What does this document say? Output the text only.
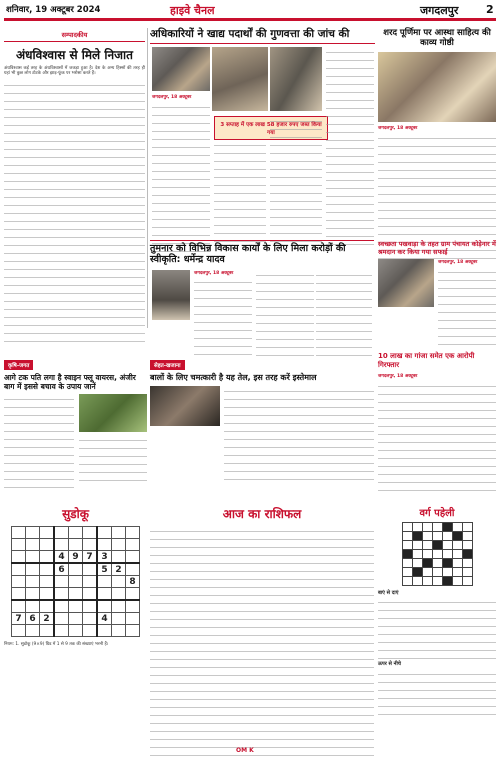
शनिवार, 19 अक्टूबर 2024	हाइवे चैनल	जगदलपुर	2
सम्पादकीय
अंधविश्वास से मिले निजात
अंधविश्वास कई तरह के अंधविश्वासों में जकड़ा हुआ है। देश के अन्य हिस्सों की तरह ही यहां भी कुछ लोग टोटके और झाड़-फूंक पर भरोसा करते हैं।
अधिकारियों ने खाद्य पदार्थों की गुणवत्ता की जांच की
जगदलपुर, 18 अक्टूबर
3 सप्ताह में एक लाख 58 हजार रुपए जब्त किया गया
शरद पूर्णिमा पर आस्था साहित्य की काव्य गोष्ठी
जगदलपुर, 18 अक्टूबर
तुमनार को विभिन्न विकास कार्यों के लिए मिला करोड़ों की स्वीकृति: धर्मेन्द्र यादव
जगदलपुर, 18 अक्टूबर
स्वच्छता पखवाड़ा के तहत ग्राम पंचायत कोड़ेनार में श्रमदान कर किया गया सफाई
जगदलपुर, 18 अक्टूबर
कृषि-जगत
आगे टक पति लगा है स्वाइन फ्लू वायरस, अंजीर बाग में इससे बचाव के उपाय जानें
सेहत-खजाना
बालों के लिए चमत्कारी है यह तेल, इस तरह करें इस्तेमाल
10 लाख का गांजा समेत एक आरोपी गिरफ्तार
जगदलपुर, 18 अक्टूबर
सुडोकू

			4	9	7	3		
			6			5	2	
								8

7	6	2				4		

नियम: 1. सुडोकू (9×9) ग्रिड में 1 से 9 तक की संख्याएं भरनी हैं।
आज का राशिफल	वर्ग पहेली

बाएं से दाएं
ऊपर से नीचे
OM K
